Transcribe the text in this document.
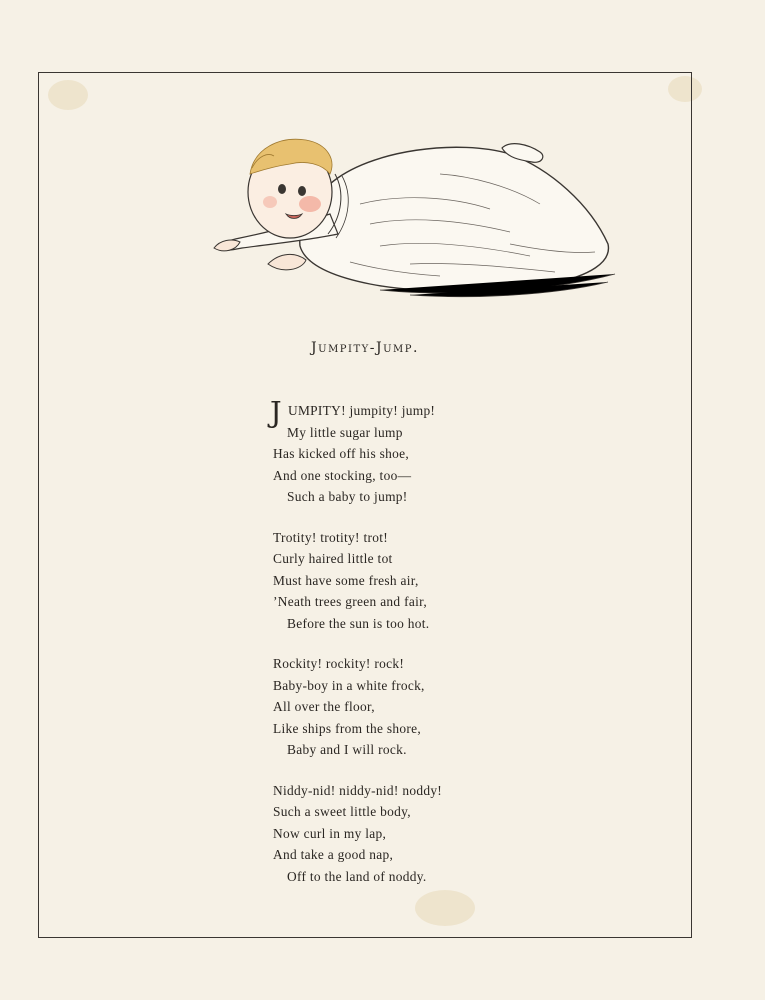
Jumpity-Jump.
J UMPITY! jumpity! jump!
My little sugar lump
Has kicked off his shoe,
And one stocking, too—
Such a baby to jump!
Trotity! trotity! trot!
Curly haired little tot
Must have some fresh air,
’Neath trees green and fair,
Before the sun is too hot.
Rockity! rockity! rock!
Baby-boy in a white frock,
All over the floor,
Like ships from the shore,
Baby and I will rock.
Niddy-nid! niddy-nid! noddy!
Such a sweet little body,
Now curl in my lap,
And take a good nap,
Off to the land of noddy.
